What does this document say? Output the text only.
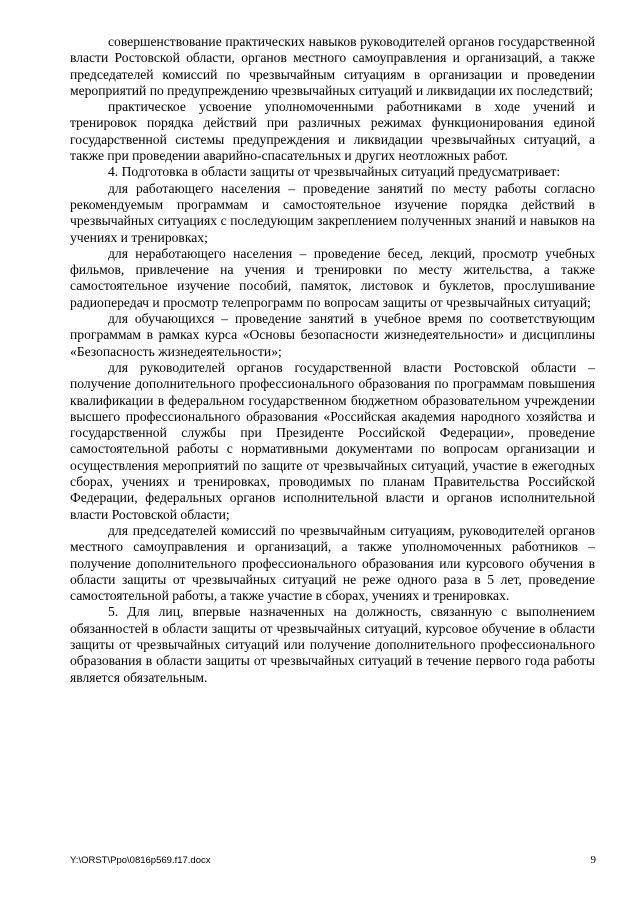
совершенствование практических навыков руководителей органов государственной власти Ростовской области, органов местного самоуправления и организаций, а также председателей комиссий по чрезвычайным ситуациям в организации и проведении мероприятий по предупреждению чрезвычайных ситуаций и ликвидации их последствий;

практическое усвоение уполномоченными работниками в ходе учений и тренировок порядка действий при различных режимах функционирования единой государственной системы предупреждения и ликвидации чрезвычайных ситуаций, а также при проведении аварийно-спасательных и других неотложных работ.

4. Подготовка в области защиты от чрезвычайных ситуаций предусматривает:

для работающего населения – проведение занятий по месту работы согласно рекомендуемым программам и самостоятельное изучение порядка действий в чрезвычайных ситуациях с последующим закреплением полученных знаний и навыков на учениях и тренировках;

для неработающего населения – проведение бесед, лекций, просмотр учебных фильмов, привлечение на учения и тренировки по месту жительства, а также самостоятельное изучение пособий, памяток, листовок и буклетов, прослушивание радиопередач и просмотр телепрограмм по вопросам защиты от чрезвычайных ситуаций;

для обучающихся – проведение занятий в учебное время по соответствующим программам в рамках курса «Основы безопасности жизнедеятельности» и дисциплины «Безопасность жизнедеятельности»;

для руководителей органов государственной власти Ростовской области – получение дополнительного профессионального образования по программам повышения квалификации в федеральном государственном бюджетном образовательном учреждении высшего профессионального образования «Российская академия народного хозяйства и государственной службы при Президенте Российской Федерации», проведение самостоятельной работы с нормативными документами по вопросам организации и осуществления мероприятий по защите от чрезвычайных ситуаций, участие в ежегодных сборах, учениях и тренировках, проводимых по планам Правительства Российской Федерации, федеральных органов исполнительной власти и органов исполнительной власти Ростовской области;

для председателей комиссий по чрезвычайным ситуациям, руководителей органов местного самоуправления и организаций, а также уполномоченных работников – получение дополнительного профессионального образования или курсового обучения в области защиты от чрезвычайных ситуаций не реже одного раза в 5 лет, проведение самостоятельной работы, а также участие в сборах, учениях и тренировках.

5. Для лиц, впервые назначенных на должность, связанную с выполнением обязанностей в области защиты от чрезвычайных ситуаций, курсовое обучение в области защиты от чрезвычайных ситуаций или получение дополнительного профессионального образования в области защиты от чрезвычайных ситуаций в течение первого года работы является обязательным.

Y:\ORST\Ppo\0816p569.f17.docx	9
